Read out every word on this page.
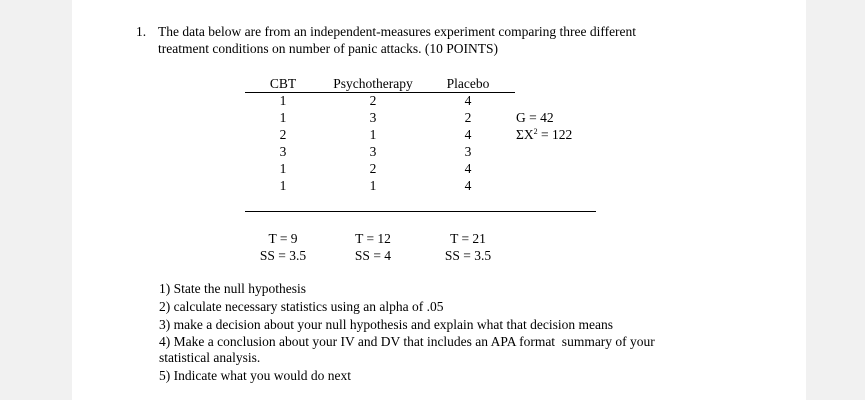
1. The data below are from an independent-measures experiment comparing three different
treatment conditions on number of panic attacks. (10 POINTS)
CBT	Psychotherapy	Placebo
1
1
2
3
1
1
2
3
1
3
2
1
4
2
4
3
4
4
G = 42
$\Sigma X^2 = 122$
T = 9
SS = 3.5
T = 12
SS = 4
T = 21
SS = 3.5
1) State the null hypothesis
2) calculate necessary statistics using an alpha of .05
3) make a decision about your null hypothesis and explain what that decision means
4) Make a conclusion about your IV and DV that includes an APA format  summary of your
statistical analysis.
5) Indicate what you would do next
